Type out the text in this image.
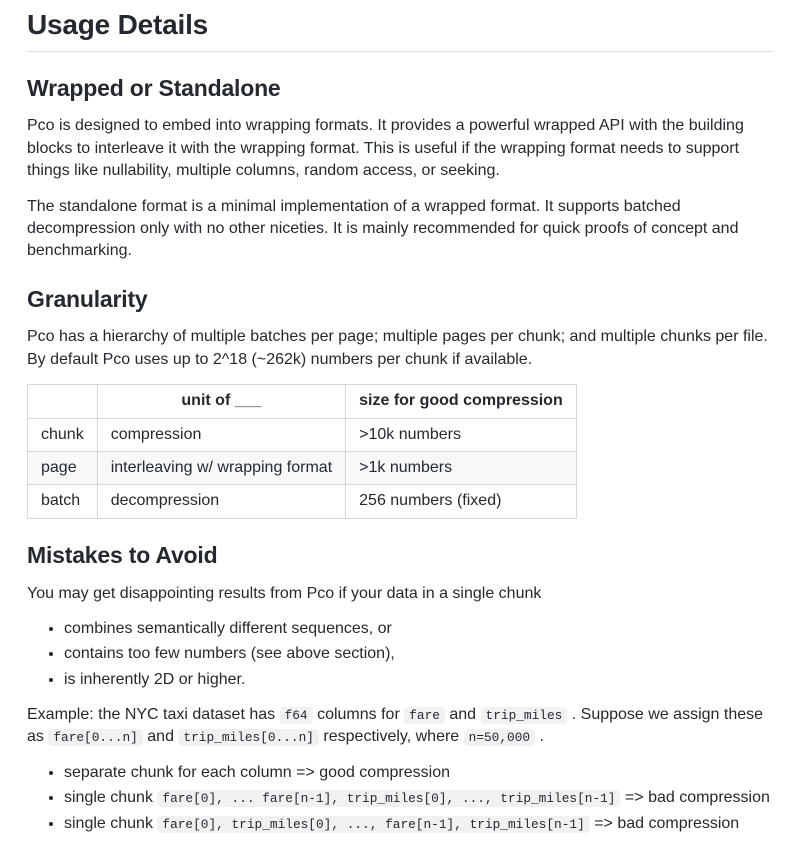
Usage Details
Wrapped or Standalone

Pco is designed to embed into wrapping formats. It provides a powerful wrapped API with the building blocks to interleave it with the wrapping format. This is useful if the wrapping format needs to support things like nullability, multiple columns, random access, or seeking.

The standalone format is a minimal implementation of a wrapped format. It supports batched decompression only with no other niceties. It is mainly recommended for quick proofs of concept and benchmarking.

Granularity

Pco has a hierarchy of multiple batches per page; multiple pages per chunk; and multiple chunks per file. By default Pco uses up to 2^18 (~262k) numbers per chunk if available.

	unit of ___	size for good compression
chunk	compression	>10k numbers
page	interleaving w/ wrapping format	>1k numbers
batch	decompression	256 numbers (fixed)
Mistakes to Avoid

You may get disappointing results from Pco if your data in a single chunk

• combines semantically different sequences, or
• contains too few numbers (see above section),
• is inherently 2D or higher.

Example: the NYC taxi dataset has f64 columns for fare and trip_miles . Suppose we assign these as fare[0...n] and trip_miles[0...n] respectively, where n=50,000 .

• separate chunk for each column => good compression
• single chunk fare[0], ... fare[n-1], trip_miles[0], ..., trip_miles[n-1] => bad compression
• single chunk fare[0], trip_miles[0], ..., fare[n-1], trip_miles[n-1] => bad compression
